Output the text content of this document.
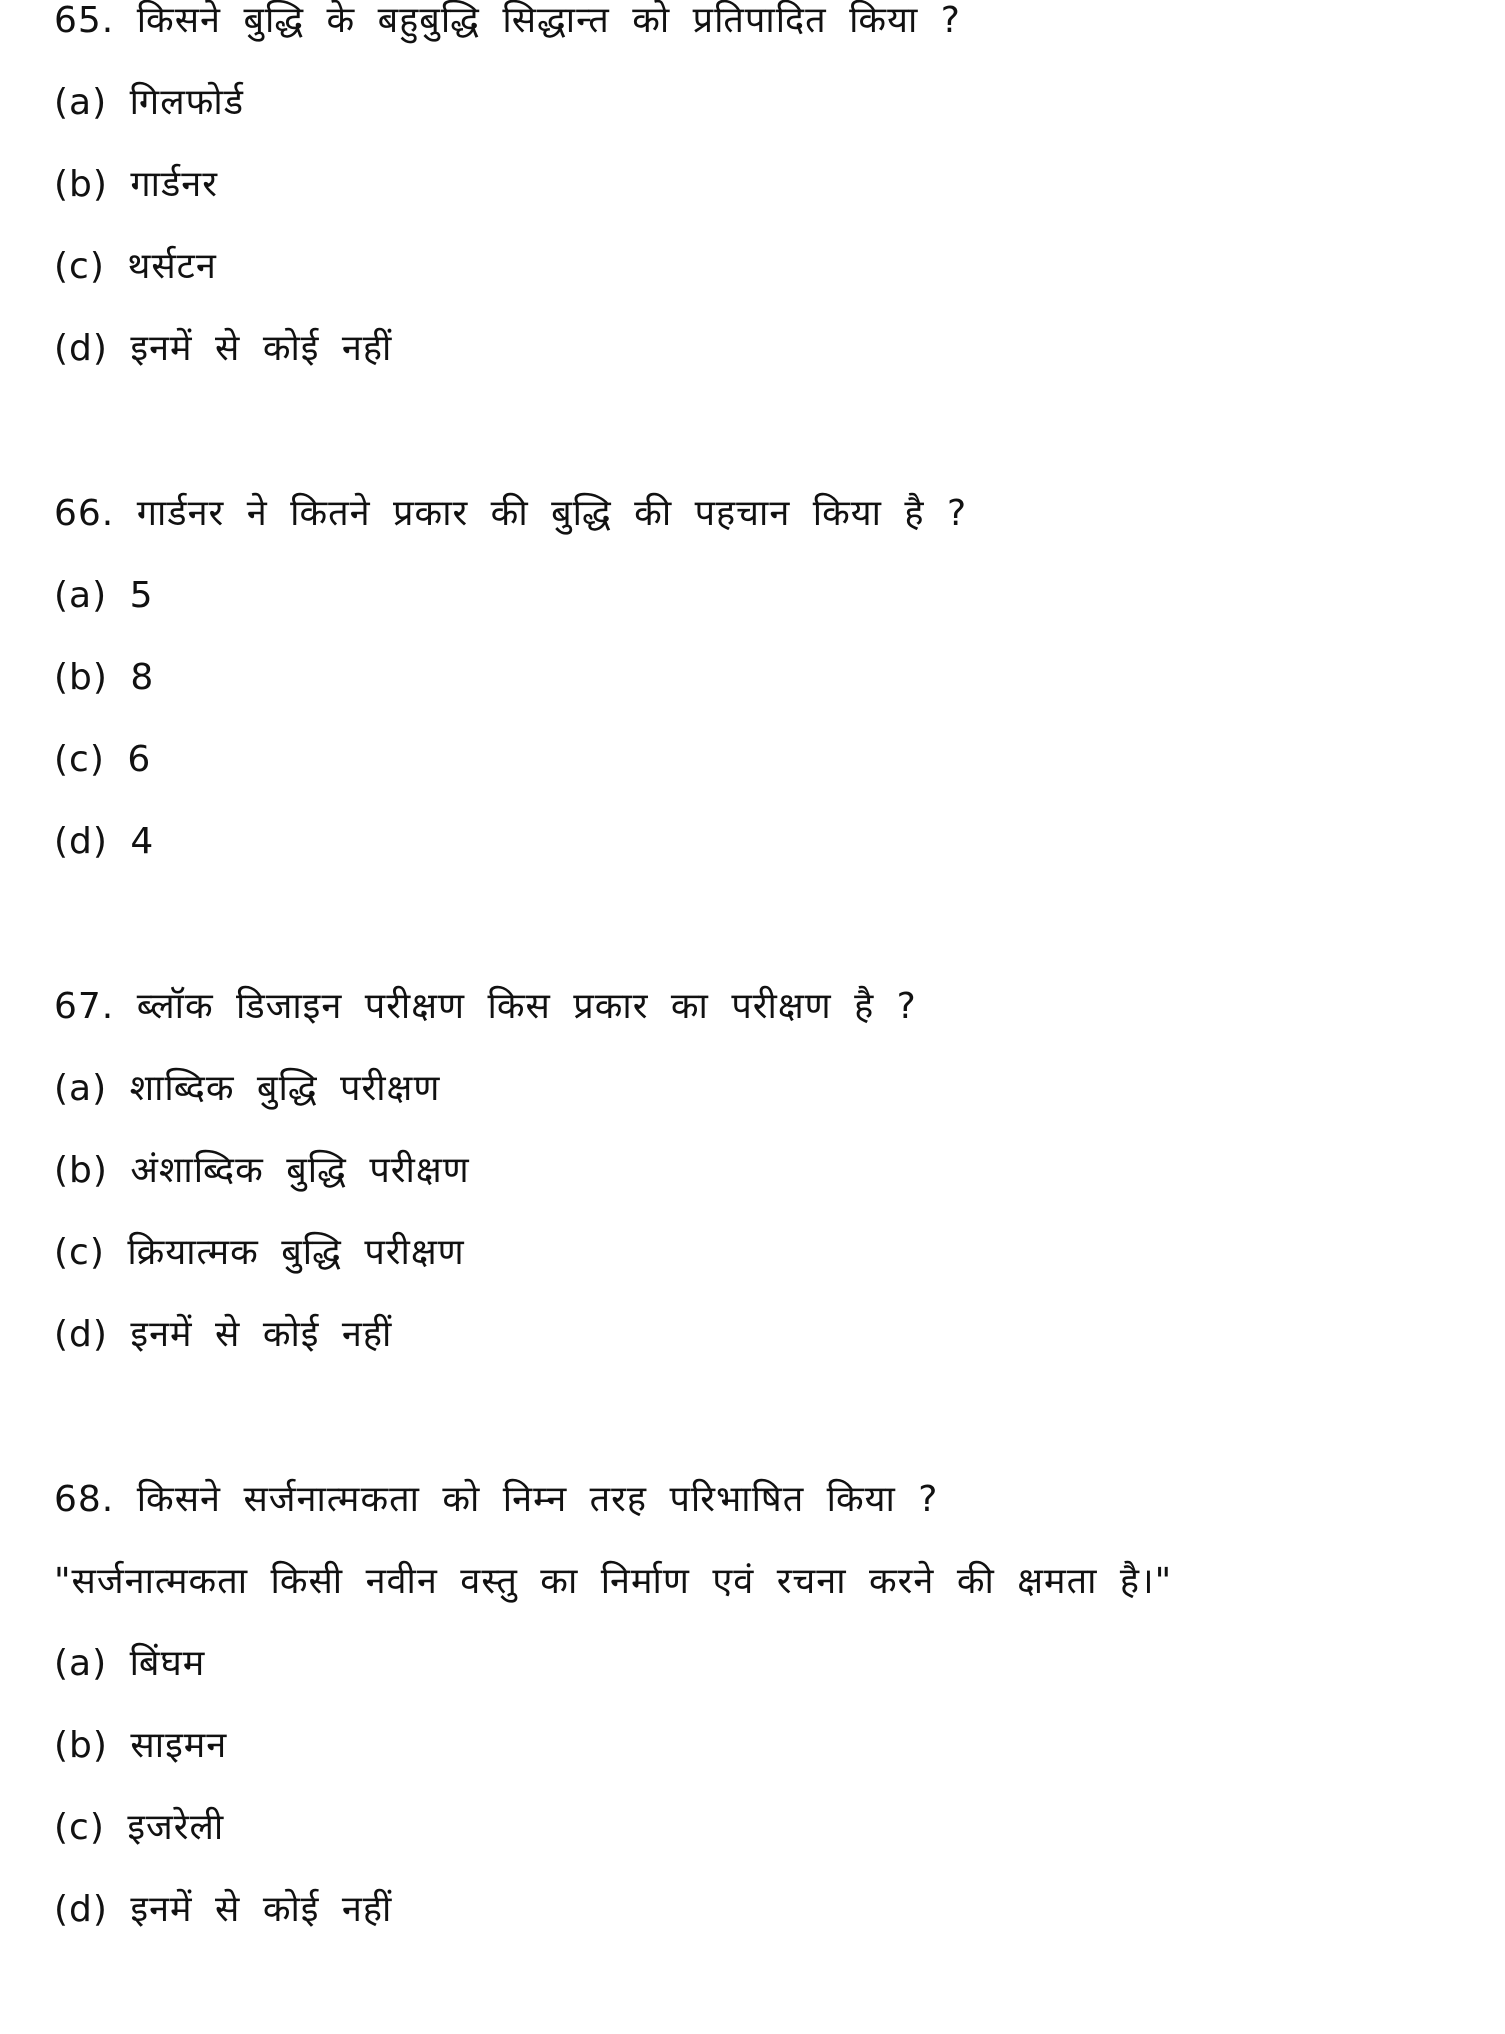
65. किसने बुद्धि के बहुबुद्धि सिद्धान्त को प्रतिपादित किया ?
(a) गिलफोर्ड
(b) गार्डनर
(c) थर्सटन
(d) इनमें से कोई नहीं
66. गार्डनर ने कितने प्रकार की बुद्धि की पहचान किया है ?
(a) 5
(b) 8
(c) 6
(d) 4
67. ब्लॉक डिजाइन परीक्षण किस प्रकार का परीक्षण है ?
(a) शाब्दिक बुद्धि परीक्षण
(b) अंशाब्दिक बुद्धि परीक्षण
(c) क्रियात्मक बुद्धि परीक्षण
(d) इनमें से कोई नहीं
68. किसने सर्जनात्मकता को निम्न तरह परिभाषित किया ?
"सर्जनात्मकता किसी नवीन वस्तु का निर्माण एवं रचना करने की क्षमता है।"
(a) बिंघम
(b) साइमन
(c) इजरेली
(d) इनमें से कोई नहीं
